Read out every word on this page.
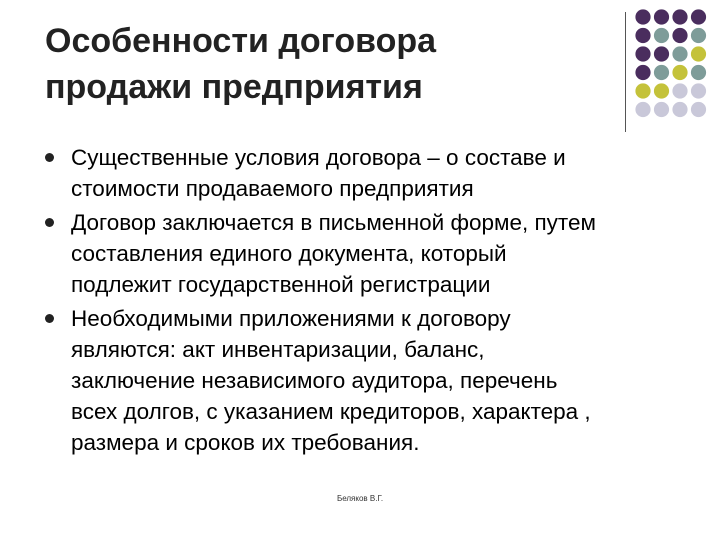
Особенности договора
продажи предприятия
Существенные условия договора – о составе и
стоимости продаваемого предприятия
Договор заключается в письменной форме, путем
составления единого документа, который
подлежит государственной регистрации
Необходимыми приложениями к договору
являются: акт инвентаризации, баланс,
заключение независимого аудитора, перечень
всех долгов, с указанием кредиторов, характера ,
размера и сроков их требования.
Беляков В.Г.
